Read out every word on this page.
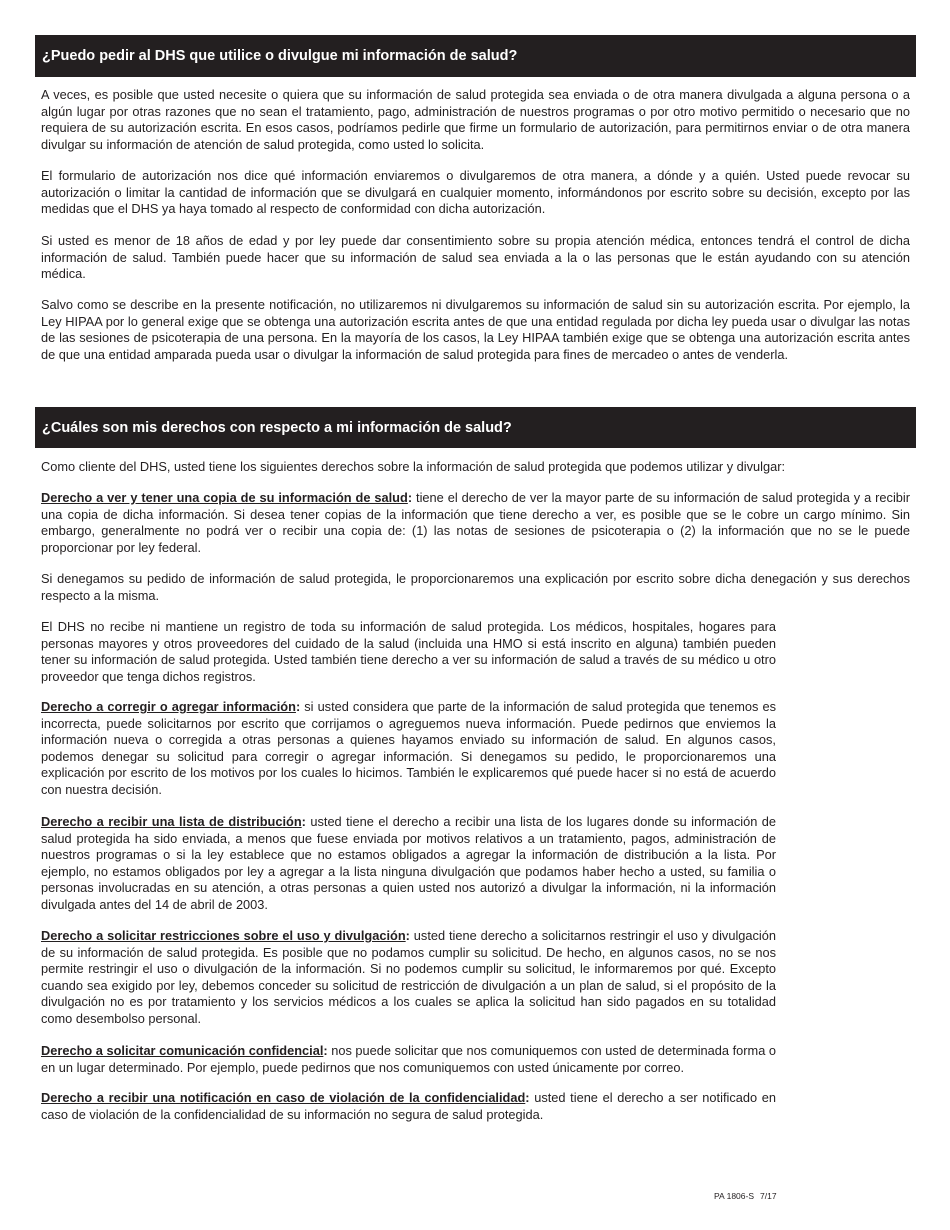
¿Puedo pedir al DHS que utilice o divulgue mi información de salud?

A veces, es posible que usted necesite o quiera que su información de salud protegida sea enviada o de otra manera divulgada a alguna persona o a algún lugar por otras razones que no sean el tratamiento, pago, administración de nuestros programas o por otro motivo permitido o necesario que no requiera de su autorización escrita. En esos casos, podríamos pedirle que firme un formulario de autorización, para permitirnos enviar o de otra manera divulgar su información de atención de salud protegida, como usted lo solicita.

El formulario de autorización nos dice qué información enviaremos o divulgaremos de otra manera, a dónde y a quién. Usted puede revocar su autorización o limitar la cantidad de información que se divulgará en cualquier momento, informándonos por escrito sobre su decisión, excepto por las medidas que el DHS ya haya tomado al respecto de conformidad con dicha autorización.

Si usted es menor de 18 años de edad y por ley puede dar consentimiento sobre su propia atención médica, entonces tendrá el control de dicha información de salud. También puede hacer que su información de salud sea enviada a la o las personas que le están ayudando con su atención médica.

Salvo como se describe en la presente notificación, no utilizaremos ni divulgaremos su información de salud sin su autorización escrita. Por ejemplo, la Ley HIPAA por lo general exige que se obtenga una autorización escrita antes de que una entidad regulada por dicha ley pueda usar o divulgar las notas de las sesiones de psicoterapia de una persona. En la mayoría de los casos, la Ley HIPAA también exige que se obtenga una autorización escrita antes de que una entidad amparada pueda usar o divulgar la información de salud protegida para fines de mercadeo o antes de venderla.

¿Cuáles son mis derechos con respecto a mi información de salud?

Como cliente del DHS, usted tiene los siguientes derechos sobre la información de salud protegida que podemos utilizar y divulgar:

Derecho a ver y tener una copia de su información de salud: tiene el derecho de ver la mayor parte de su información de salud protegida y a recibir una copia de dicha información. Si desea tener copias de la información que tiene derecho a ver, es posible que se le cobre un cargo mínimo. Sin embargo, generalmente no podrá ver o recibir una copia de: (1) las notas de sesiones de psicoterapia o (2) la información que no se le puede proporcionar por ley federal.

Si denegamos su pedido de información de salud protegida, le proporcionaremos una explicación por escrito sobre dicha denegación y sus derechos respecto a la misma.

El DHS no recibe ni mantiene un registro de toda su información de salud protegida. Los médicos, hospitales, hogares para personas mayores y otros proveedores del cuidado de la salud (incluida una HMO si está inscrito en alguna) también pueden tener su información de salud protegida. Usted también tiene derecho a ver su información de salud a través de su médico u otro proveedor que tenga dichos registros.

Derecho a corregir o agregar información: si usted considera que parte de la información de salud protegida que tenemos es incorrecta, puede solicitarnos por escrito que corrijamos o agreguemos nueva información. Puede pedirnos que enviemos la información nueva o corregida a otras personas a quienes hayamos enviado su información de salud. En algunos casos, podemos denegar su solicitud para corregir o agregar información. Si denegamos su pedido, le proporcionaremos una explicación por escrito de los motivos por los cuales lo hicimos. También le explicaremos qué puede hacer si no está de acuerdo con nuestra decisión.

Derecho a recibir una lista de distribución: usted tiene el derecho a recibir una lista de los lugares donde su información de salud protegida ha sido enviada, a menos que fuese enviada por motivos relativos a un tratamiento, pagos, administración de nuestros programas o si la ley establece que no estamos obligados a agregar la información de distribución a la lista. Por ejemplo, no estamos obligados por ley a agregar a la lista ninguna divulgación que podamos haber hecho a usted, su familia o personas involucradas en su atención, a otras personas a quien usted nos autorizó a divulgar la información, ni la información divulgada antes del 14 de abril de 2003.

Derecho a solicitar restricciones sobre el uso y divulgación: usted tiene derecho a solicitarnos restringir el uso y divulgación de su información de salud protegida. Es posible que no podamos cumplir su solicitud. De hecho, en algunos casos, no se nos permite restringir el uso o divulgación de la información. Si no podemos cumplir su solicitud, le informaremos por qué. Excepto cuando sea exigido por ley, debemos conceder su solicitud de restricción de divulgación a un plan de salud, si el propósito de la divulgación no es por tratamiento y los servicios médicos a los cuales se aplica la solicitud han sido pagados en su totalidad como desembolso personal.

Derecho a solicitar comunicación confidencial: nos puede solicitar que nos comuniquemos con usted de determinada forma o en un lugar determinado. Por ejemplo, puede pedirnos que nos comuniquemos con usted únicamente por correo.

Derecho a recibir una notificación en caso de violación de la confidencialidad: usted tiene el derecho a ser notificado en caso de violación de la confidencialidad de su información no segura de salud protegida.

PA 1806-S 7/17
